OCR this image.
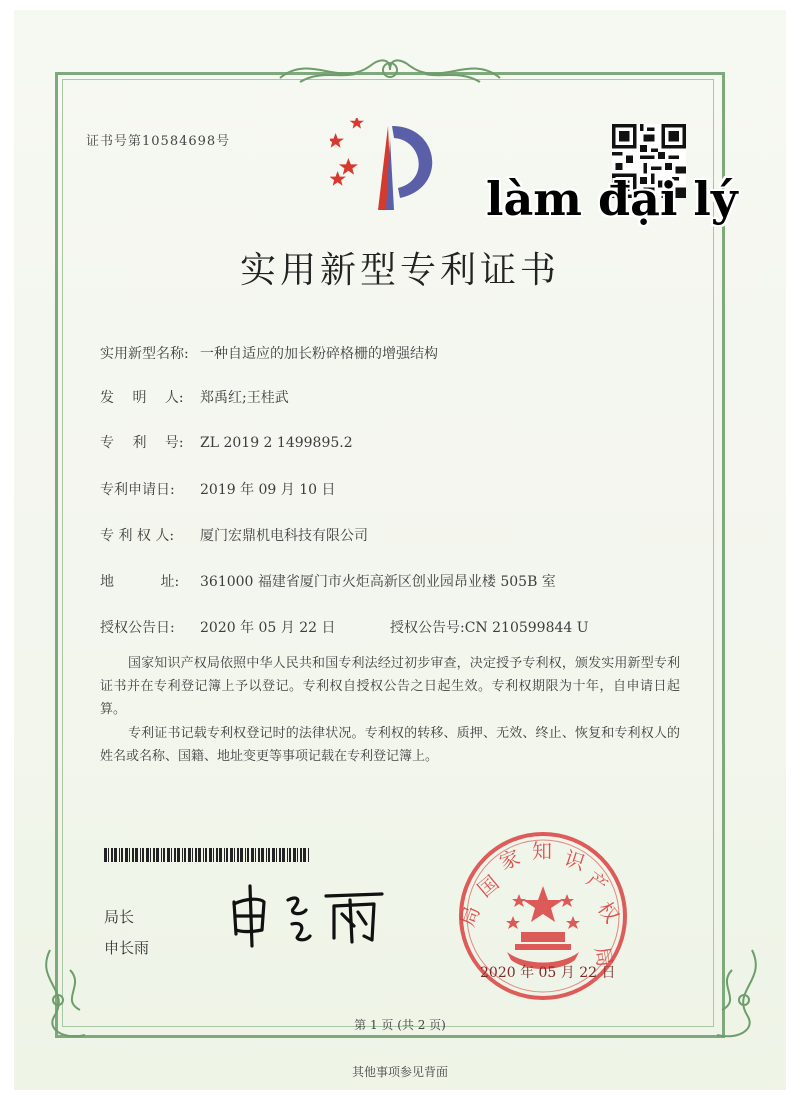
证书号第10584698号
làm đại lý
实用新型专利证书
实用新型名称: 一种自适应的加长粉碎格栅的增强结构
发　 明　 人: 郑禹红;王桂武
专　 利　 号: ZL 2019 2 1499895.2
专利申请日: 2019 年 09 月 10 日
专 利 权 人: 厦门宏鼎机电科技有限公司
地　　　 址: 361000 福建省厦门市火炬高新区创业园昂业楼 505B 室
授权公告日: 2020 年 05 月 22 日	授权公告号:CN 210599844 U
国家知识产权局依照中华人民共和国专利法经过初步审查，决定授予专利权，颁发实用新型专利证书并在专利登记簿上予以登记。专利权自授权公告之日起生效。专利权期限为十年，自申请日起算。
专利证书记载专利权登记时的法律状况。专利权的转移、质押、无效、终止、恢复和专利权人的姓名或名称、国籍、地址变更等事项记载在专利登记簿上。
局长
申长雨
国
家 知 识
产
权
局
局
2020 年 05 月 22 日
第 1 页 (共 2 页)
其他事项参见背面
